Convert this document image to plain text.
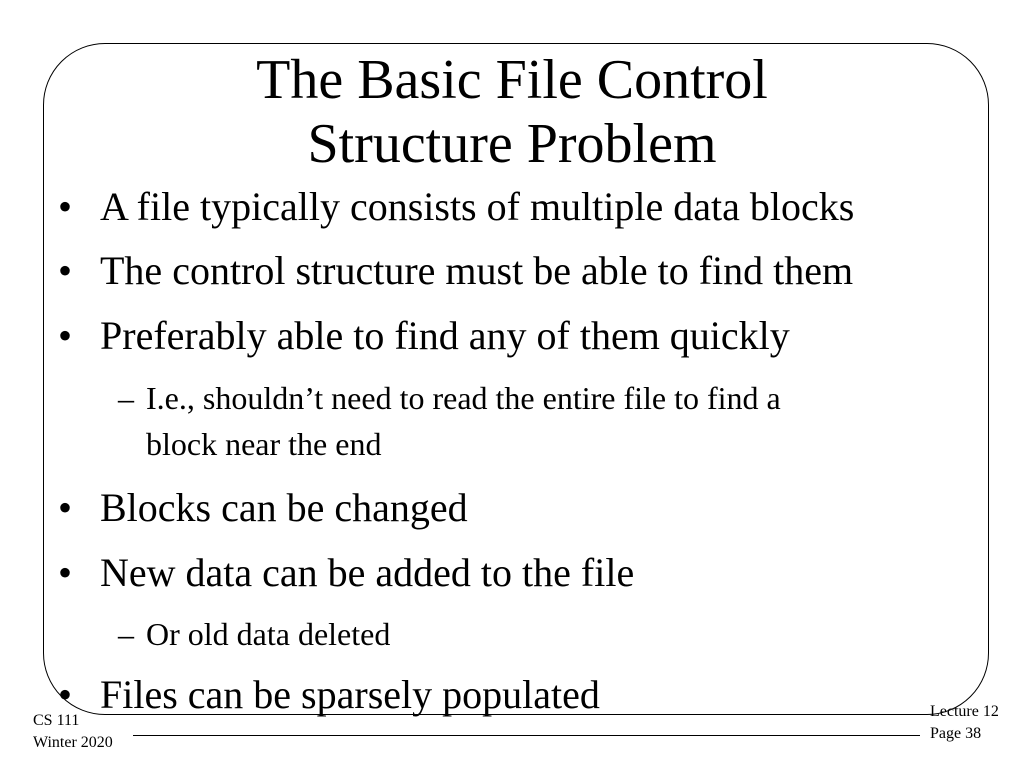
The Basic File Control
Structure Problem
• A file typically consists of multiple data blocks
• The control structure must be able to find them
• Preferably able to find any of them quickly
– I.e., shouldn’t need to read the entire file to find a
block near the end
• Blocks can be changed
• New data can be added to the file
– Or old data deleted
• Files can be sparsely populated
CS 111
Winter 2020
Lecture 12
Page 38
